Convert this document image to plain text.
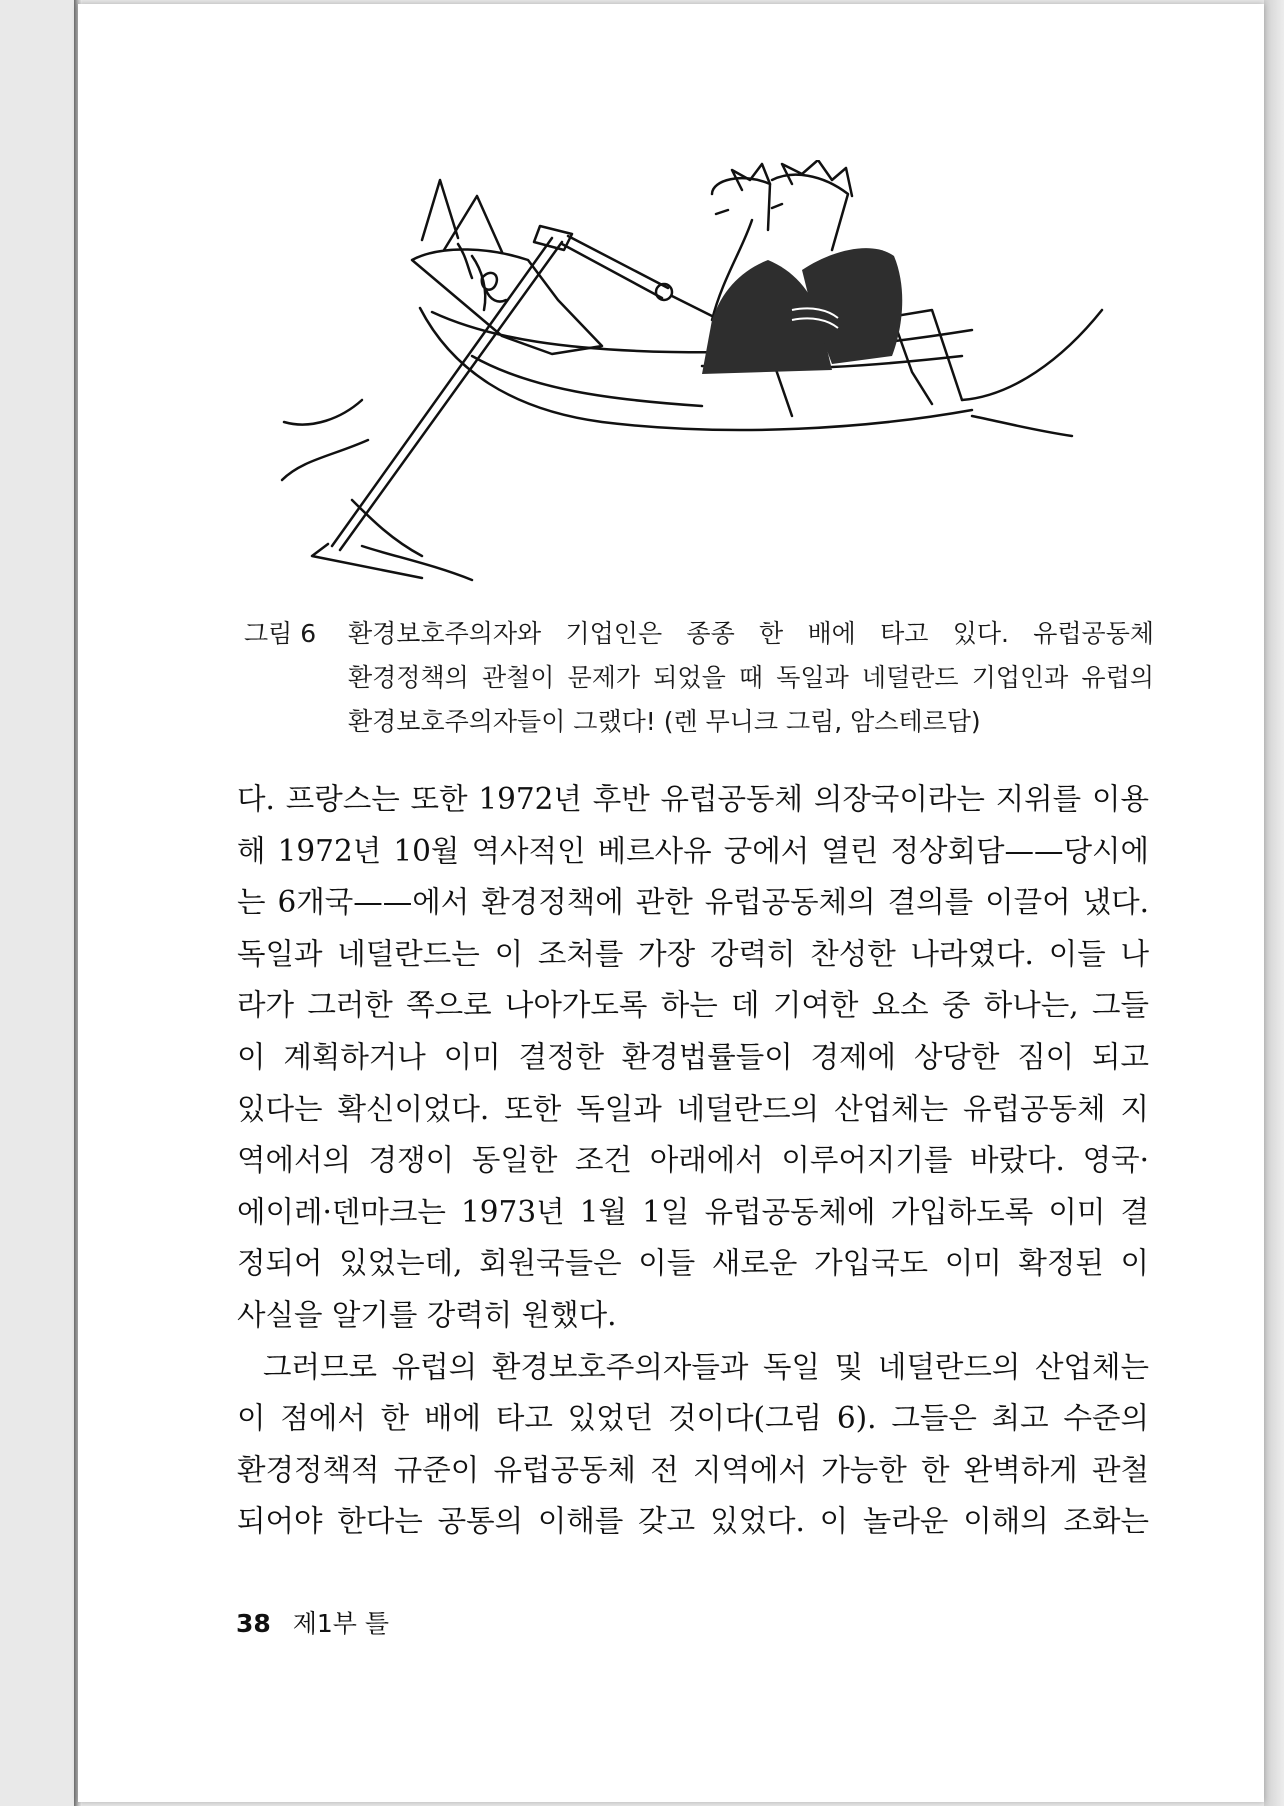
그림 6	환경보호주의자와 기업인은 종종 한 배에 타고 있다. 유럽공동체 환경정책의 관철이 문제가 되었을 때 독일과 네덜란드 기업인과 유럽의 환경보호주의자들이 그랬다! (렌 무니크 그림, 암스테르담)

다. 프랑스는 또한 1972년 후반 유럽공동체 의장국이라는 지위를 이용

해 1972년 10월 역사적인 베르사유 궁에서 열린 정상회담——당시에

는 6개국——에서 환경정책에 관한 유럽공동체의 결의를 이끌어 냈다.

독일과 네덜란드는 이 조처를 가장 강력히 찬성한 나라였다. 이들 나

라가 그러한 쪽으로 나아가도록 하는 데 기여한 요소 중 하나는, 그들

이 계획하거나 이미 결정한 환경법률들이 경제에 상당한 짐이 되고

있다는 확신이었다. 또한 독일과 네덜란드의 산업체는 유럽공동체 지

역에서의 경쟁이 동일한 조건 아래에서 이루어지기를 바랐다. 영국·

에이레·덴마크는 1973년 1월 1일 유럽공동체에 가입하도록 이미 결

정되어 있었는데, 회원국들은 이들 새로운 가입국도 이미 확정된 이

사실을 알기를 강력히 원했다.

그러므로 유럽의 환경보호주의자들과 독일 및 네덜란드의 산업체는

이 점에서 한 배에 타고 있었던 것이다(그림 6). 그들은 최고 수준의

환경정책적 규준이 유럽공동체 전 지역에서 가능한 한 완벽하게 관철

되어야 한다는 공통의 이해를 갖고 있었다. 이 놀라운 이해의 조화는

38 제1부 틀
